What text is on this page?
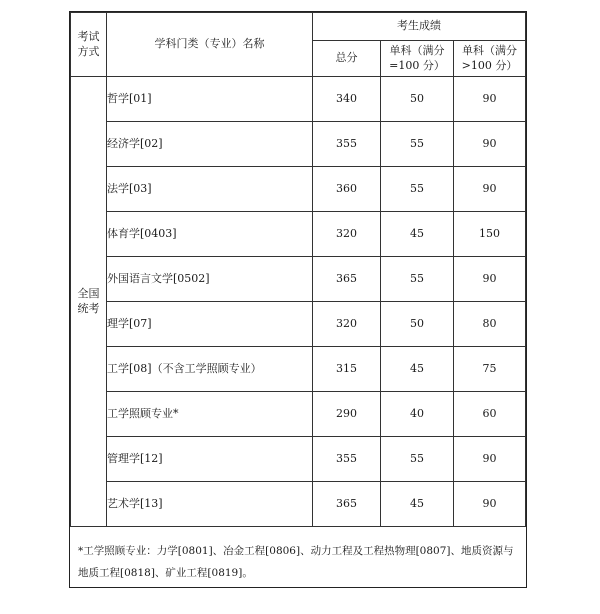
考试方式	学科门类（专业）名称	考生成绩		
		总分	单科（满分=100 分）	单科（满分>100 分）
全国统考	哲学[01]	340	50	90
	经济学[02]	355	55	90
	法学[03]	360	55	90
	体育学[0403]	320	45	150
	外国语言文学[0502]	365	55	90
	理学[07]	320	50	80
	工学[08]（不含工学照顾专业）	315	45	75
	工学照顾专业*	290	40	60
	管理学[12]	355	55	90
	艺术学[13]	365	45	90
*工学照顾专业：力学[0801]、冶金工程[0806]、动力工程及工程热物理[0807]、地质资源与地质工程[0818]、矿业工程[0819]。
